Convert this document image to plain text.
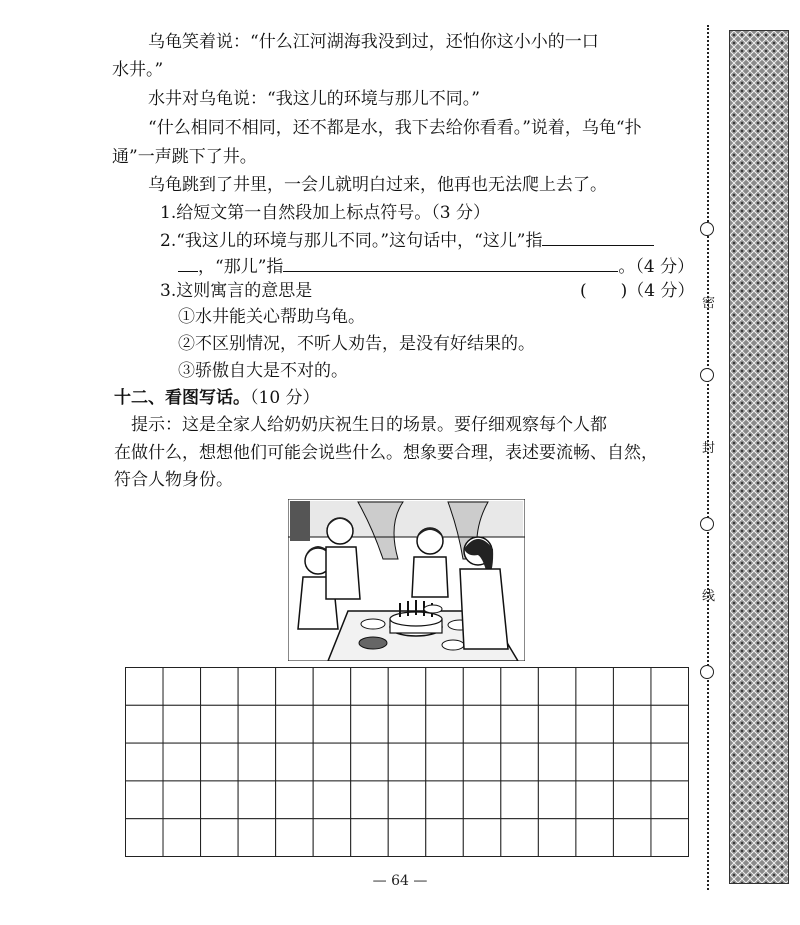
乌龟笑着说：“什么江河湖海我没到过，还怕你这小小的一口
水井。”
水井对乌龟说：“我这儿的环境与那儿不同。”
“什么相同不相同，还不都是水，我下去给你看看。”说着，乌龟“扑
通”一声跳下了井。
乌龟跳到了井里，一会儿就明白过来，他再也无法爬上去了。
1.给短文第一自然段加上标点符号。（3 分）
2.“我这儿的环境与那儿不同。”这句话中，“这儿”指
，“那儿”指	。（4 分）
3.这则寓言的意思是	(　　)（4 分）
①水井能关心帮助乌龟。
②不区别情况，不听人劝告，是没有好结果的。
③骄傲自大是不对的。
十二、看图写话。（10 分）
提示：这是全家人给奶奶庆祝生日的场景。要仔细观察每个人都
在做什么，想想他们可能会说些什么。想象要合理，表述要流畅、自然，
符合人物身份。
密
封
线
— 64 —
